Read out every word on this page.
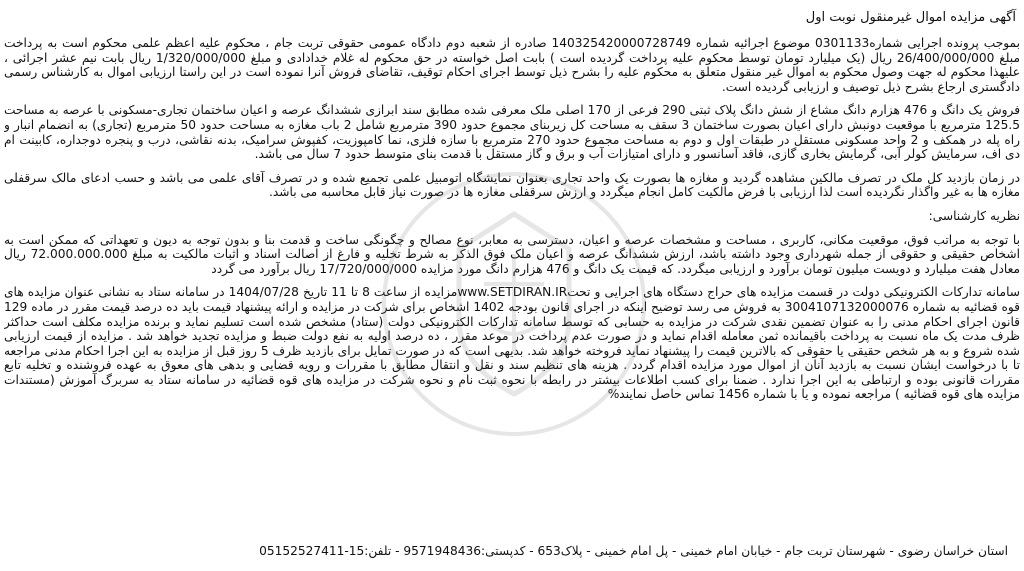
آگهی مزایده اموال غیرمنقول نوبت اول

بموجب پرونده اجرایی شماره0301133 موضوع اجرائیه شماره 140325420000728749 صادره از شعبه دوم دادگاه عمومی حقوقی تربت جام ، محکوم علیه اعظم علمی محکوم است به پرداخت مبلغ 26/400/000/000 ریال (یک میلیارد تومان توسط محکوم علیه پرداخت گردیده است ) بابت اصل خواسته در حق محکوم له غلام خدادادی و مبلغ 1/320/000/000 ریال بابت نیم عشر اجرائی ، علیهذا محکوم له جهت وصول محکوم به اموال غیر منقول متعلق به محکوم علیه را بشرح ذیل توسط اجرای احکام توقیف، تقاضای فروش آنرا نموده است در این راستا ارزیابی اموال به کارشناس رسمی دادگستری ارجاع بشرح ذیل توصیف و ارزیابی گردیده است.

فروش یک دانگ و 476 هزارم دانگ مشاع از شش دانگ پلاک ثبتی 290 فرعی از 170 اصلی ملک معرفی شده مطابق سند ابرازی ششدانگ عرصه و اعیان ساختمان تجاری-مسکونی با عرصه به مساحت 125.5 مترمربع با موقعیت دونبش دارای اعیان بصورت ساختمان 3 سقف به مساحت کل زیربنای مجموع حدود 390 مترمربع شامل 2 باب مغازه به مساحت حدود 50 مترمربع (تجاری) به انضمام انبار و راه پله در همکف و 2 واحد مسکونی مستقل در طبقات اول و دوم به مساحت مجموع حدود 270 مترمربع با سازه فلزی، نما کامپوزیت، کفپوش سرامیک، بدنه نقاشی، درب و پنجره دوجداره، کابینت ام دی اف، سرمایش کولر آبی، گرمایش بخاری گازی، فاقد آسانسور و دارای امتیازات آب و برق و گاز مستقل با قدمت بنای متوسط حدود 7 سال می باشد.

در زمان بازدید کل ملک در تصرف مالکین مشاهده گردید و مغازه ها بصورت یک واحد تجاری بعنوان نمایشگاه اتومبیل علمی تجمیع شده و در تصرف آقای علمی می باشد و حسب ادعای مالک سرقفلی مغازه ها به غیر واگذار نگردیده است لذا ارزیابی با فرض مالکیت کامل انجام میگردد و ارزش سرقفلی مغازه ها در صورت نیاز قابل محاسبه می باشد.

نظریه کارشناسی:

با توجه به مراتب فوق، موقعیت مکانی، کاربری ، مساحت و مشخصات عرصه و اعیان، دسترسی به معابر، نوع مصالح و چگونگی ساخت و قدمت بنا و بدون توجه به دیون و تعهداتی که ممکن است به اشخاص حقیقی و حقوقی از جمله شهرداری وجود داشته باشد، ارزش ششدانگ عرصه و اعیان ملک فوق الذکر به شرط تخلیه و فارغ از اصالت اسناد و اثبات مالکیت به مبلغ 72.000.000.000 ریال معادل هفت میلیارد و دویست میلیون تومان برآورد و ارزیابی میگردد. که قیمت یک دانگ و 476 هزارم دانگ مورد مزایده 17/720/000/000 ریال برآورد می گردد

سامانه تدارکات الکترونیکی دولت در قسمت مزایده های حراج دستگاه های اجرایی و تحتwww.SETDIRAN.IRمزایده از ساعت 8 تا 11 تاریخ 1404/07/28 در سامانه ستاد به نشانی عنوان مزایده های قوه قضائیه به شماره 3004107132000076 به فروش می رسد توضیح اینکه در اجرای قانون بودجه 1402 اشخاص برای شرکت در مزایده و ارائه پیشنهاد قیمت باید ده درصد قیمت مقرر در ماده 129 قانون اجرای احکام مدنی را به عنوان تضمین نقدی شرکت در مزایده به حسابی که توسط سامانه تدارکات الکترونیکی دولت (ستاد) مشخص شده است تسلیم نماید و برنده مزایده مکلف است حداکثر ظرف مدت یک ماه نسبت به پرداخت باقیمانده ثمن معامله اقدام نماید و در صورت عدم پرداخت در موعد مقرر ، ده درصد اولیه به نفع دولت ضبط و مزایده تجدید خواهد شد . مزایده از قیمت ارزیابی شده شروع و به هر شخص حقیقی یا حقوقی که بالاترین قیمت را پیشنهاد نماید فروخته خواهد شد. بدیهی است که در صورت تمایل برای بازدید ظرف 5 روز قبل از مزایده به این اجرا احکام مدنی مراجعه تا با درخواست ایشان نسبت به بازدید آنان از اموال مورد مزایده اقدام گردد . هزینه های تنظیم سند و نقل و انتقال مطابق با مقررات و رویه قضایی و بدهی های معوق به عهده فروشنده و تخلیه تابع مقررات قانونی بوده و ارتباطی به این اجرا ندارد . ضمنا برای کسب اطلاعات بیشتر در رابطه با نحوه ثبت نام و نحوه شرکت در مزایده های قوه قضائیه در سامانه ستاد به سربرگ آموزش (مستندات مزایده های قوه قضائیه ) مراجعه نموده و یا با شماره 1456 تماس حاصل نمایند%

استان خراسان رضوی - شهرستان تربت جام - خیابان امام خمینی - پل امام خمینی - پلاک653 - کدپستی:9571948436 - تلفن:15-05152527411
